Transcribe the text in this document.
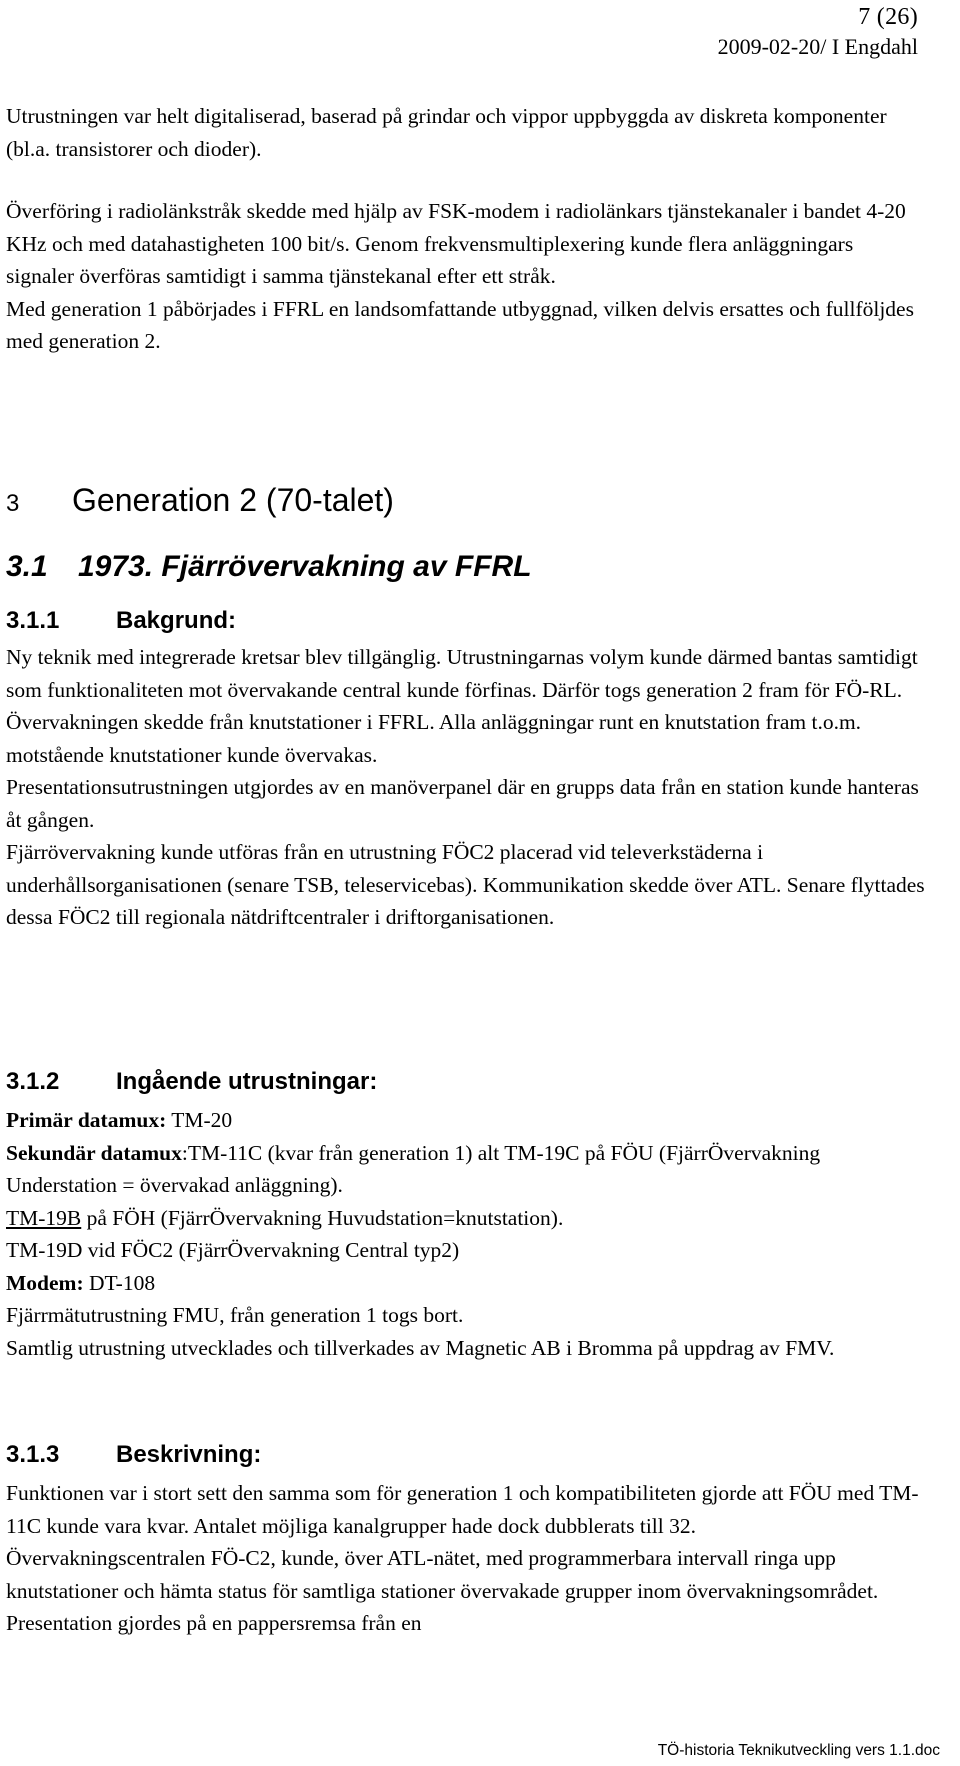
7 (26)
2009-02-20/ I Engdahl

Utrustningen var helt digitaliserad, baserad på grindar och vippor uppbyggda av diskreta komponenter (bl.a. transistorer och dioder).

Överföring i radiolänkstråk skedde med hjälp av FSK-modem i radiolänkars tjänstekanaler i bandet 4-20 KHz och med datahastigheten 100 bit/s. Genom frekvensmultiplexering kunde flera anläggningars signaler överföras samtidigt i samma tjänstekanal efter ett stråk.

Med generation 1 påbörjades i FFRL en landsomfattande utbyggnad, vilken delvis ersattes och fullföljdes med generation 2.

3 Generation 2 (70-talet)
3.1 1973. Fjärrövervakning av FFRL
3.1.1 Bakgrund:

Ny teknik med integrerade kretsar blev tillgänglig. Utrustningarnas volym kunde därmed bantas samtidigt som funktionaliteten mot övervakande central kunde förfinas. Därför togs generation 2 fram för FÖ-RL.

Övervakningen skedde från knutstationer i FFRL. Alla anläggningar runt en knutstation fram t.o.m. motstående knutstationer kunde övervakas.

Presentationsutrustningen utgjordes av en manöverpanel där en grupps data från en station kunde hanteras åt gången.

Fjärrövervakning kunde utföras från en utrustning FÖC2 placerad vid televerkstäderna i underhållsorganisationen (senare TSB, teleservicebas). Kommunikation skedde över ATL. Senare flyttades dessa FÖC2 till regionala nätdriftcentraler i driftorganisationen.

3.1.2 Ingående utrustningar:

Primär datamux: TM-20

Sekundär datamux:TM-11C (kvar från generation 1) alt TM-19C på FÖU (FjärrÖvervakning Understation = övervakad anläggning).

TM-19B på FÖH (FjärrÖvervakning Huvudstation=knutstation).

TM-19D vid FÖC2 (FjärrÖvervakning Central typ2)

Modem: DT-108

Fjärrmätutrustning FMU, från generation 1 togs bort.

Samtlig utrustning utvecklades och tillverkades av Magnetic AB i Bromma på uppdrag av FMV.

3.1.3 Beskrivning:

Funktionen var i stort sett den samma som för generation 1 och kompatibiliteten gjorde att FÖU med TM-11C kunde vara kvar. Antalet möjliga kanalgrupper hade dock dubblerats till 32.

Övervakningscentralen FÖ-C2, kunde, över ATL-nätet, med programmerbara intervall ringa upp knutstationer och hämta status för samtliga stationer övervakade grupper inom övervakningsområdet. Presentation gjordes på en pappersremsa från en

TÖ-historia Teknikutveckling vers 1.1.doc
